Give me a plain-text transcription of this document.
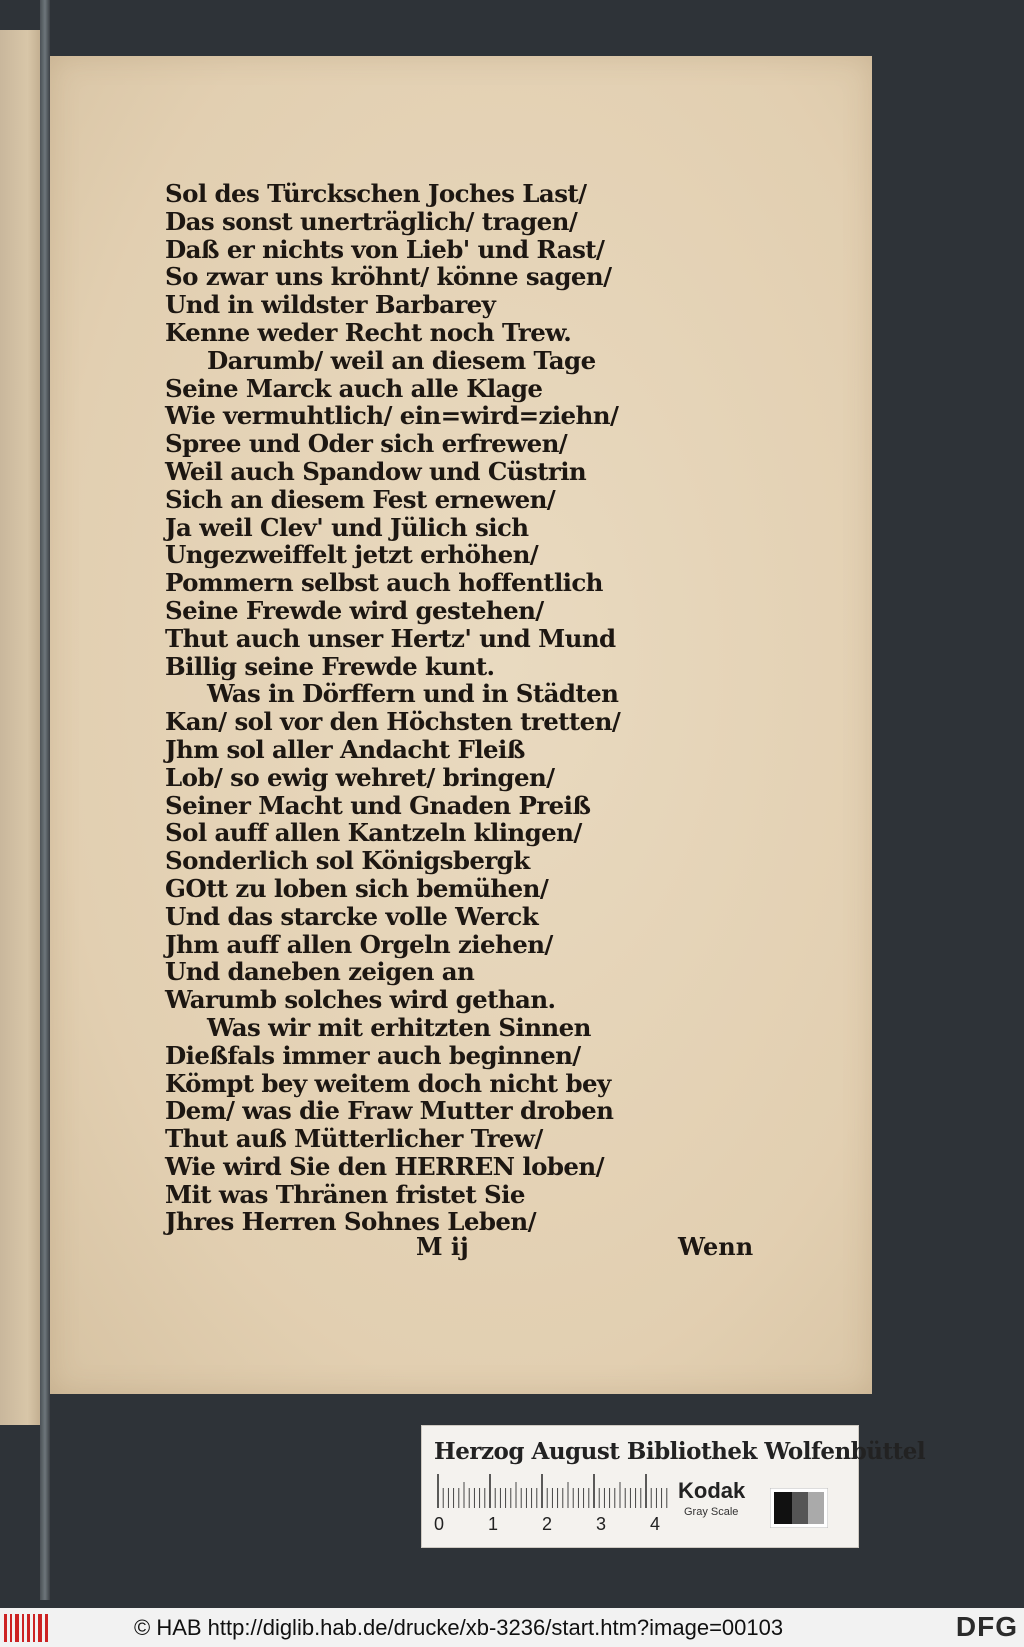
Sol des Türckschen Joches Last/
Das sonst unerträglich/ tragen/
Daß er nichts von Lieb' und Rast/
So zwar uns kröhnt/ könne sagen/
Und in wildster Barbarey
Kenne weder Recht noch Trew.
Darumb/ weil an diesem Tage
Seine Marck auch alle Klage
Wie vermuhtlich/ ein=wird=ziehn/
Spree und Oder sich erfrewen/
Weil auch Spandow und Cüstrin
Sich an diesem Fest ernewen/
Ja weil Clev' und Jülich sich
Ungezweiffelt jetzt erhöhen/
Pommern selbst auch hoffentlich
Seine Frewde wird gestehen/
Thut auch unser Hertz' und Mund
Billig seine Frewde kunt.
Was in Dörffern und in Städten
Kan/ sol vor den Höchsten tretten/
Jhm sol aller Andacht Fleiß
Lob/ so ewig wehret/ bringen/
Seiner Macht und Gnaden Preiß
Sol auff allen Kantzeln klingen/
Sonderlich sol Königsbergk
GOtt zu loben sich bemühen/
Und das starcke volle Werck
Jhm auff allen Orgeln ziehen/
Und daneben zeigen an
Warumb solches wird gethan.
Was wir mit erhitzten Sinnen
Dießfals immer auch beginnen/
Kömpt bey weitem doch nicht bey
Dem/ was die Fraw Mutter droben
Thut auß Mütterlicher Trew/
Wie wird Sie den HERREN loben/
Mit was Thränen fristet Sie
Jhres Herren Sohnes Leben/
M ij	Wenn
Herzog August Bibliothek Wolfenbüttel
0 1 2 3 4
Kodak
Gray Scale
© HAB http://diglib.hab.de/drucke/xb-3236/start.htm?image=00103	DFG
